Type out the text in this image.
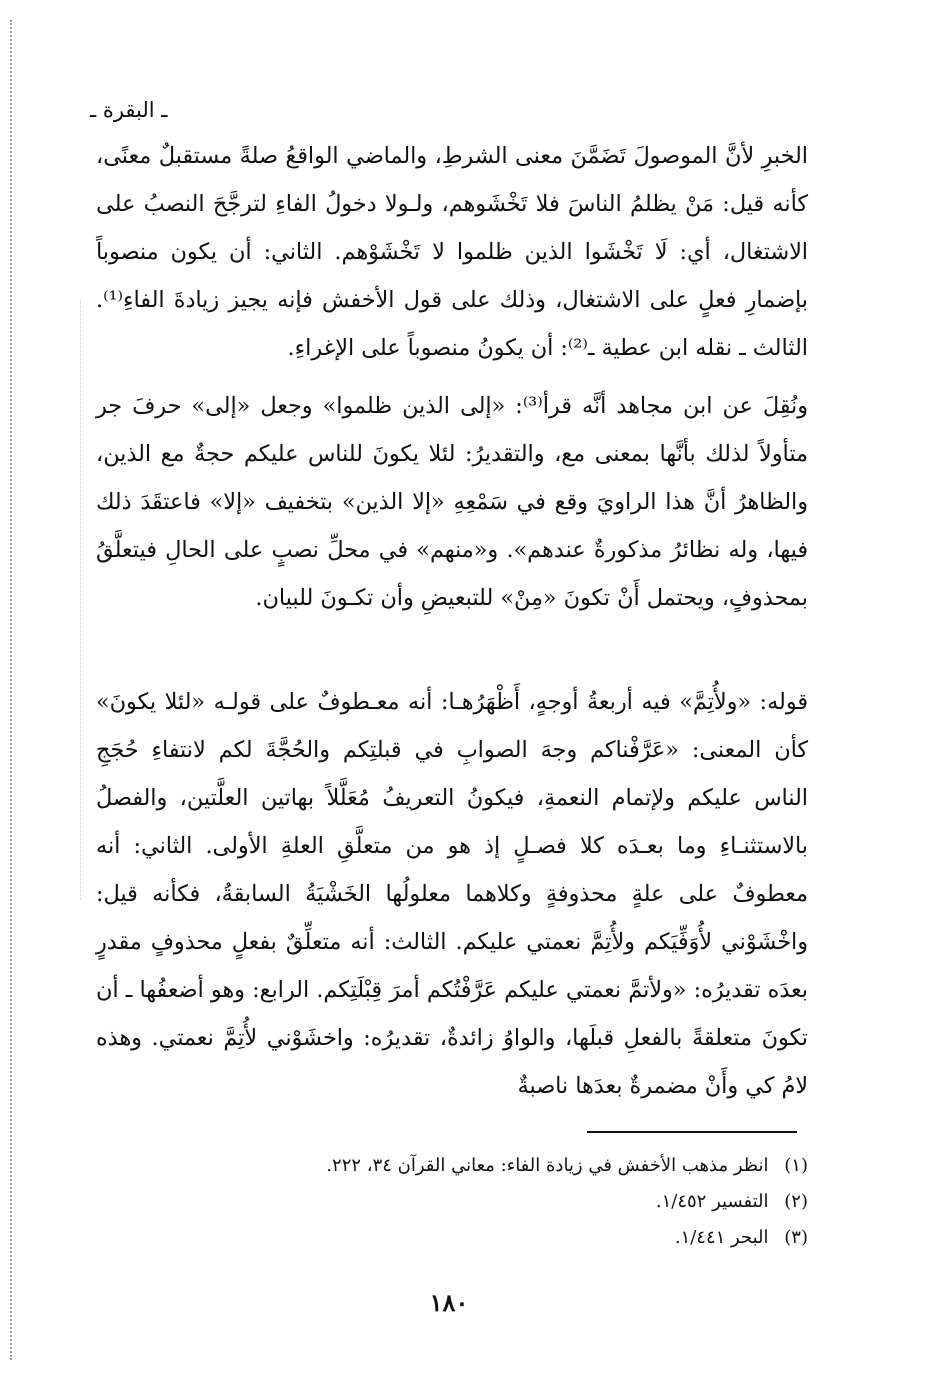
ـ البقرة ـ

الخبرِ لأنَّ الموصولَ تَضَمَّنَ معنى الشرطِ، والماضي الواقعُ صلةً مستقبلٌ معنًى، كأنه قيل: مَنْ يظلمُ الناسَ فلا تَخْشَوهم، ولـولا دخولُ الفاءِ لترجَّحَ النصبُ على الاشتغال، أي: لَا تَخْشَوا الذين ظلموا لا تَخْشَوْهم. الثاني: أن يكون منصوباً بإضمارِ فعلٍ على الاشتغال، وذلك على قول الأخفش فإنه يجيز زيادةَ الفاءِ⁽¹⁾. الثالث ـ نقله ابن عطية ـ⁽²⁾: أن يكونُ منصوباً على الإغراءِ.

ونُقِلَ عن ابن مجاهد أنَّه قرأ⁽³⁾: «إلى الذين ظلموا» وجعل «إلى» حرفَ جر متأولاً لذلك بأنَّها بمعنى مع، والتقديرُ: لئلا يكونَ للناس عليكم حجةٌ مع الذين، والظاهرُ أنَّ هذا الراويَ وقع في سَمْعِهِ «إلا الذين» بتخفيف «إلا» فاعتقَدَ ذلك فيها، وله نظائرُ مذكورةٌ عندهم». و«منهم» في محلِّ نصبٍ على الحالِ فيتعلَّقُ بمحذوفٍ، ويحتمل أَنْ تكونَ «مِنْ» للتبعيضِ وأن تكـونَ للبيان.

قوله: «ولأُتِمَّ» فيه أربعةُ أوجهٍ، أَظْهَرُهـا: أنه معـطوفٌ على قولـه «لئلا يكونَ» كأن المعنى: «عَرَّفْناكم وجهَ الصوابِ في قبلتِكم والحُجَّةَ لكم لانتفاءِ حُجَجِ الناس عليكم ولإتمام النعمةِ، فيكونُ التعريفُ مُعَلَّلاً بهاتين العلَّتين، والفصلُ بالاستثنـاءِ وما بعـدَه كلا فصـلٍ إذ هو من متعلَّقِ العلةِ الأولى. الثاني: أنه معطوفٌ على علةٍ محذوفةٍ وكلاهما معلولُها الخَشْيَةُ السابقةُ، فكأنه قيل: واخْشَوْني لأُوَفِّيَكم ولأُتِمَّ نعمتي عليكم. الثالث: أنه متعلِّقٌ بفعلٍ محذوفٍ مقدرٍ بعدَه تقديرُه: «ولأتمَّ نعمتي عليكم عَرَّفْتُكم أمرَ قِبْلَتِكم. الرابع: وهو أضعفُها ـ أن تكونَ متعلقةً بالفعلِ قبلَها، والواوُ زائدةٌ، تقديرُه: واخشَوْني لأُتِمَّ نعمتي. وهذه لامُ كي وأَنْ مضمرةٌ بعدَها ناصبةٌ

(١) انظر مذهب الأخفش في زيادة الفاء: معاني القرآن ٣٤، ٢٢٢.

(٢) التفسير ١/٤٥٢.

(٣) البحر ١/٤٤١.

١٨٠
